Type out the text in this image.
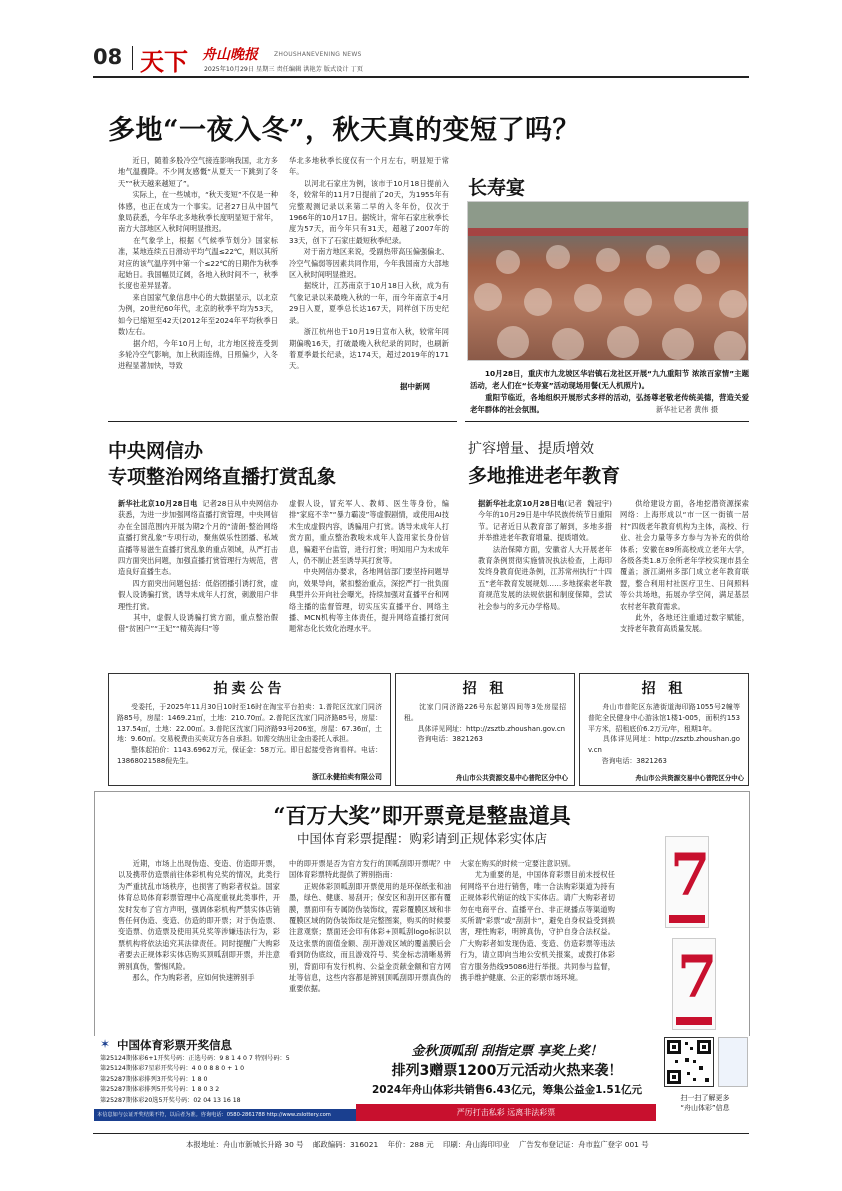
08 天下 舟山晚报	ZHOUSHANEVENING NEWS
2025年10月29日 星期三 责任编辑 洪艳芳 版式设计 丁页
多地“一夜入冬”，秋天真的变短了吗？
　　近日，随着多股冷空气接连影响我国，北方多地气温骤降。不少网友感慨“从夏天一下跳到了冬天”“秋天越来越短了”。
　　实际上，在一些城市，“秋天变短”不仅是一种体感，也正在成为一个事实。记者27日从中国气象局获悉，今年华北多地秋季长度明显短于常年，南方大部地区入秋时间明显推迟。
　　在气象学上，根据《气候季节划分》国家标准，某地连续五日滑动平均气温≤22℃，则以其所对应的该气温序列中第一个≤22℃的日期作为秋季起始日。我国幅员辽阔，各地入秋时间不一，秋季长度也差异显著。
　　来自国家气象信息中心的大数据显示，以北京为例，20世纪60年代，北京的秋季平均为53天，如今已缩短至42天(2012年至2024年平均秋季日数)左右。
　　据介绍，今年10月上旬，北方地区接连受到多轮冷空气影响，加上秋雨连绵，日照偏少，入冬进程显著加快，导致
华北多地秋季长度仅有一个月左右，明显短于常年。
　　以河北石家庄为例，该市于10月18日提前入冬，较常年的11月7日提前了20天，为1955年有完整观测记录以来第二早的入冬年份，仅次于1966年的10月17日。据统计，常年石家庄秋季长度为57天，而今年只有31天，超越了2007年的33天，创下了石家庄最短秋季纪录。
　　对于南方地区来说，受副热带高压偏强偏北、冷空气偏弱等因素共同作用，今年我国南方大部地区入秋时间明显推迟。
　　据统计，江苏南京于10月18日入秋，成为有气象记录以来最晚入秋的一年，而今年南京于4月29日入夏，夏季总长达167天，同样创下历史纪录。
　　浙江杭州也于10月19日宣布入秋，较常年同期偏晚16天，打破最晚入秋纪录的同时，也刷新着夏季最长纪录，达174天，超过2019年的171天。
据中新网
长寿宴
　　10月28日，重庆市九龙坡区华岩镇石龙社区开展“九九重阳节 浓浓百家情”主题活动，老人们在“长寿宴”活动现场用餐(无人机照片)。
　　重阳节临近，各地组织开展形式多样的活动，弘扬尊老敬老传统美德，营造关爱老年群体的社会氛围。	新华社记者 黄伟 摄
中央网信办
专项整治网络直播打赏乱象
新华社北京10月28日电  记者28日从中央网信办获悉，为进一步加强网络直播打赏管理，中央网信办在全国范围内开展为期2个月的“清朗·整治网络直播打赏乱象”专项行动，聚焦娱乐性团播、私域直播等易滋生直播打赏乱象的重点领域，从严打击四方面突出问题，加强直播打赏管理行为规范，营造良好直播生态。
　　四方面突出问题包括：低俗团播引诱打赏，虚假人设诱骗打赏，诱导未成年人打赏，刺激用户非理性打赏。
　　其中，虚假人设诱骗打赏方面，重点整治假借“贫困户”“王妃”“精英海归”等
虚假人设，冒充军人、教师、医生等身份，编排“家庭不幸”“暴力霸凌”等虚假剧情，或使用AI技术生成虚假内容，诱骗用户打赏。诱导未成年人打赏方面，重点整治教唆未成年人盗用家长身份信息，骗避平台监管，进行打赏；明知用户为未成年人，仍不制止甚至诱导其打赏等。
　　中央网信办要求，各地网信部门要坚持问题导向，效果导向，紧扣整治重点，深挖严打一批负面典型并公开向社会曝光，持续加强对直播平台和网络主播的监督管理，切实压实直播平台、网络主播、MCN机构等主体责任，提升网络直播打赏问题常态化长效化治理水平。
扩容增量、提质增效
多地推进老年教育
据新华社北京10月28日电(记者  魏冠宇)今年的10月29日是中华民族传统节日重阳节。记者近日从教育部了解到，多地多措并举推进老年教育增量、提质增效。
　　法治保障方面，安徽省人大开展老年教育条例贯彻实施情况执法检查，上海印发终身教育促进条例，江苏常州执行“十四五”老年教育发展规划……多地探索老年教育规范发展的法规依据和制度保障，尝试社会参与的多元办学格局。
　　供给建设方面，各地挖潜资源探索网络：上海形成以“市一区一街镇一居村”四级老年教育机构为主体，高校、行业、社会力量等多方参与为补充的供给体系；安徽在89所高校成立老年大学，各级各类1.8万余所老年学校实现市县全覆盖；浙江湖州多部门成立老年教育联盟，整合利用村社医疗卫生、日间照料等公共场地，拓展办学空间，满足基层农村老年教育需求。
　　此外，各地还注重通过数字赋能，支持老年教育高质量发展。
拍卖公告
　　受委托，于2025年11月30日10时至16时在淘宝平台拍卖：1.普陀区沈家门同济路85号，房屋：1469.21㎡，土地：210.70㎡。2.普陀区沈家门同济路85号，房屋：137.54㎡，土地：22.00㎡。3.普陀区沈家门同济路93号206室，房屋：67.36㎡，土地：9.60㎡。交易税费由买卖双方各自承担。如需交纳出让金由委托人承担。
　　整体起拍价：1143.6962万元，保证金：58万元。即日起接受咨询看样。电话：13868021588倪先生。
浙江永健拍卖有限公司
招 租
　　沈家门同济路226号东起第四间等3处房屋招租。
　　具体详见网址：http://zsztb.zhoushan.gov.cn
　　咨询电话：3821263
舟山市公共资源交易中心普陀区分中心
招 租
　　舟山市普陀区东港街道海印路1055号2幢等普陀全民健身中心游泳馆1楼1-005，面积约153平方米，招租底价6.2万元/年，租期1年。
　　具体详见网址：http://zsztb.zhoushan.gov.cn
　　咨询电话：3821263
舟山市公共资源交易中心普陀区分中心
“百万大奖”即开票竟是整蛊道具
中国体育彩票提醒：购彩请到正规体彩实体店
　　近期，市场上出现伪造、变造、仿造即开票，以及携带仿造票前往体彩机构兑奖的情况，此类行为严重扰乱市场秩序，也损害了购彩者权益。国家体育总局体育彩票管理中心高度重视此类事件，开发时发布了官方声明，强调体彩机构严禁实体店销售任何伪造、变造、仿造的即开票；对于伪造票、变造票、仿造票及使用其兑奖等涉嫌违法行为，彩票机构将依法追究其法律责任。同时提醒广大购彩者要去正规体彩实体店购买顶呱刮即开票，并注意辨别真伪，警惕风险。
　　那么，作为购彩者，应如何快速辨别手
中的即开票是否为官方发行的顶呱刮即开票呢？中国体育彩票特此提供了辨别指南：
　　正规体彩顶呱刮即开票使用的是环保纸张和油墨，绿色、健康、易刮开；保安区和刮开区都有覆膜，票面印有专属防伪装饰纹，霓彩覆膜区域和非覆膜区域的防伪装饰纹是完整图案，购买的时候要注意观察；票面还会印有体彩+顶呱刮logo标识以及这张票的面值金额、刮开游戏区域的覆盖膜后会看到防伪底纹，而且游戏符号、奖金标志清晰易辨别，背面印有发行机构、公益金贡献金额和官方网址等信息，这些内容都是辨别顶呱刮即开票真伪的重要依据。
大家在购买的时候一定要注意识别。
　　尤为重要的是，中国体育彩票目前未授权任何网络平台进行销售，唯一合法购彩渠道为持有正规体彩代销证的线下实体店。请广大购彩者切勿在电商平台、直播平台、非正规播点等渠道购买所谓“彩票”或“刮刮卡”，避免自身权益受到损害，理性购彩，明辨真伪，守护自身合法权益。广大购彩者如发现伪造、变造、仿造彩票等违法行为，请立即向当地公安机关报案，或拨打体彩官方服务热线95086进行举报。共同参与监督，携手维护健康、公正的彩票市场环境。
7
7
✶ 中国体育彩票开奖信息
第25124期体彩6+1开奖号码：正选号码：9 8 1 4 0 7 特别号码：5
第25124期体彩7星彩开奖号码：4 0 0 8 8 0 + 1 0
第25287期体彩排列3开奖号码：1 8 0
第25287期体彩排列5开奖号码：1 8 0 3 2
第25287期体彩20选5开奖号码：02 04 13 16 18
本信息如与公证开奖结果不符，以后者为准。咨询电话：0580-2861788 http://www.zslottery.com
金秋顶呱刮 刮指定票 享奖上奖！
排列3赠票1200万元活动火热来袭！
2024年舟山体彩共销售6.43亿元，筹集公益金1.51亿元
严厉打击私彩 远离非法彩票
扫一扫了解更多
“舟山体彩”信息
本报地址：舟山市新城长升路 30 号 邮政编码：316021 年价：288 元 印刷：舟山海印印业 广告发布登记证：舟市监广登字 001 号
